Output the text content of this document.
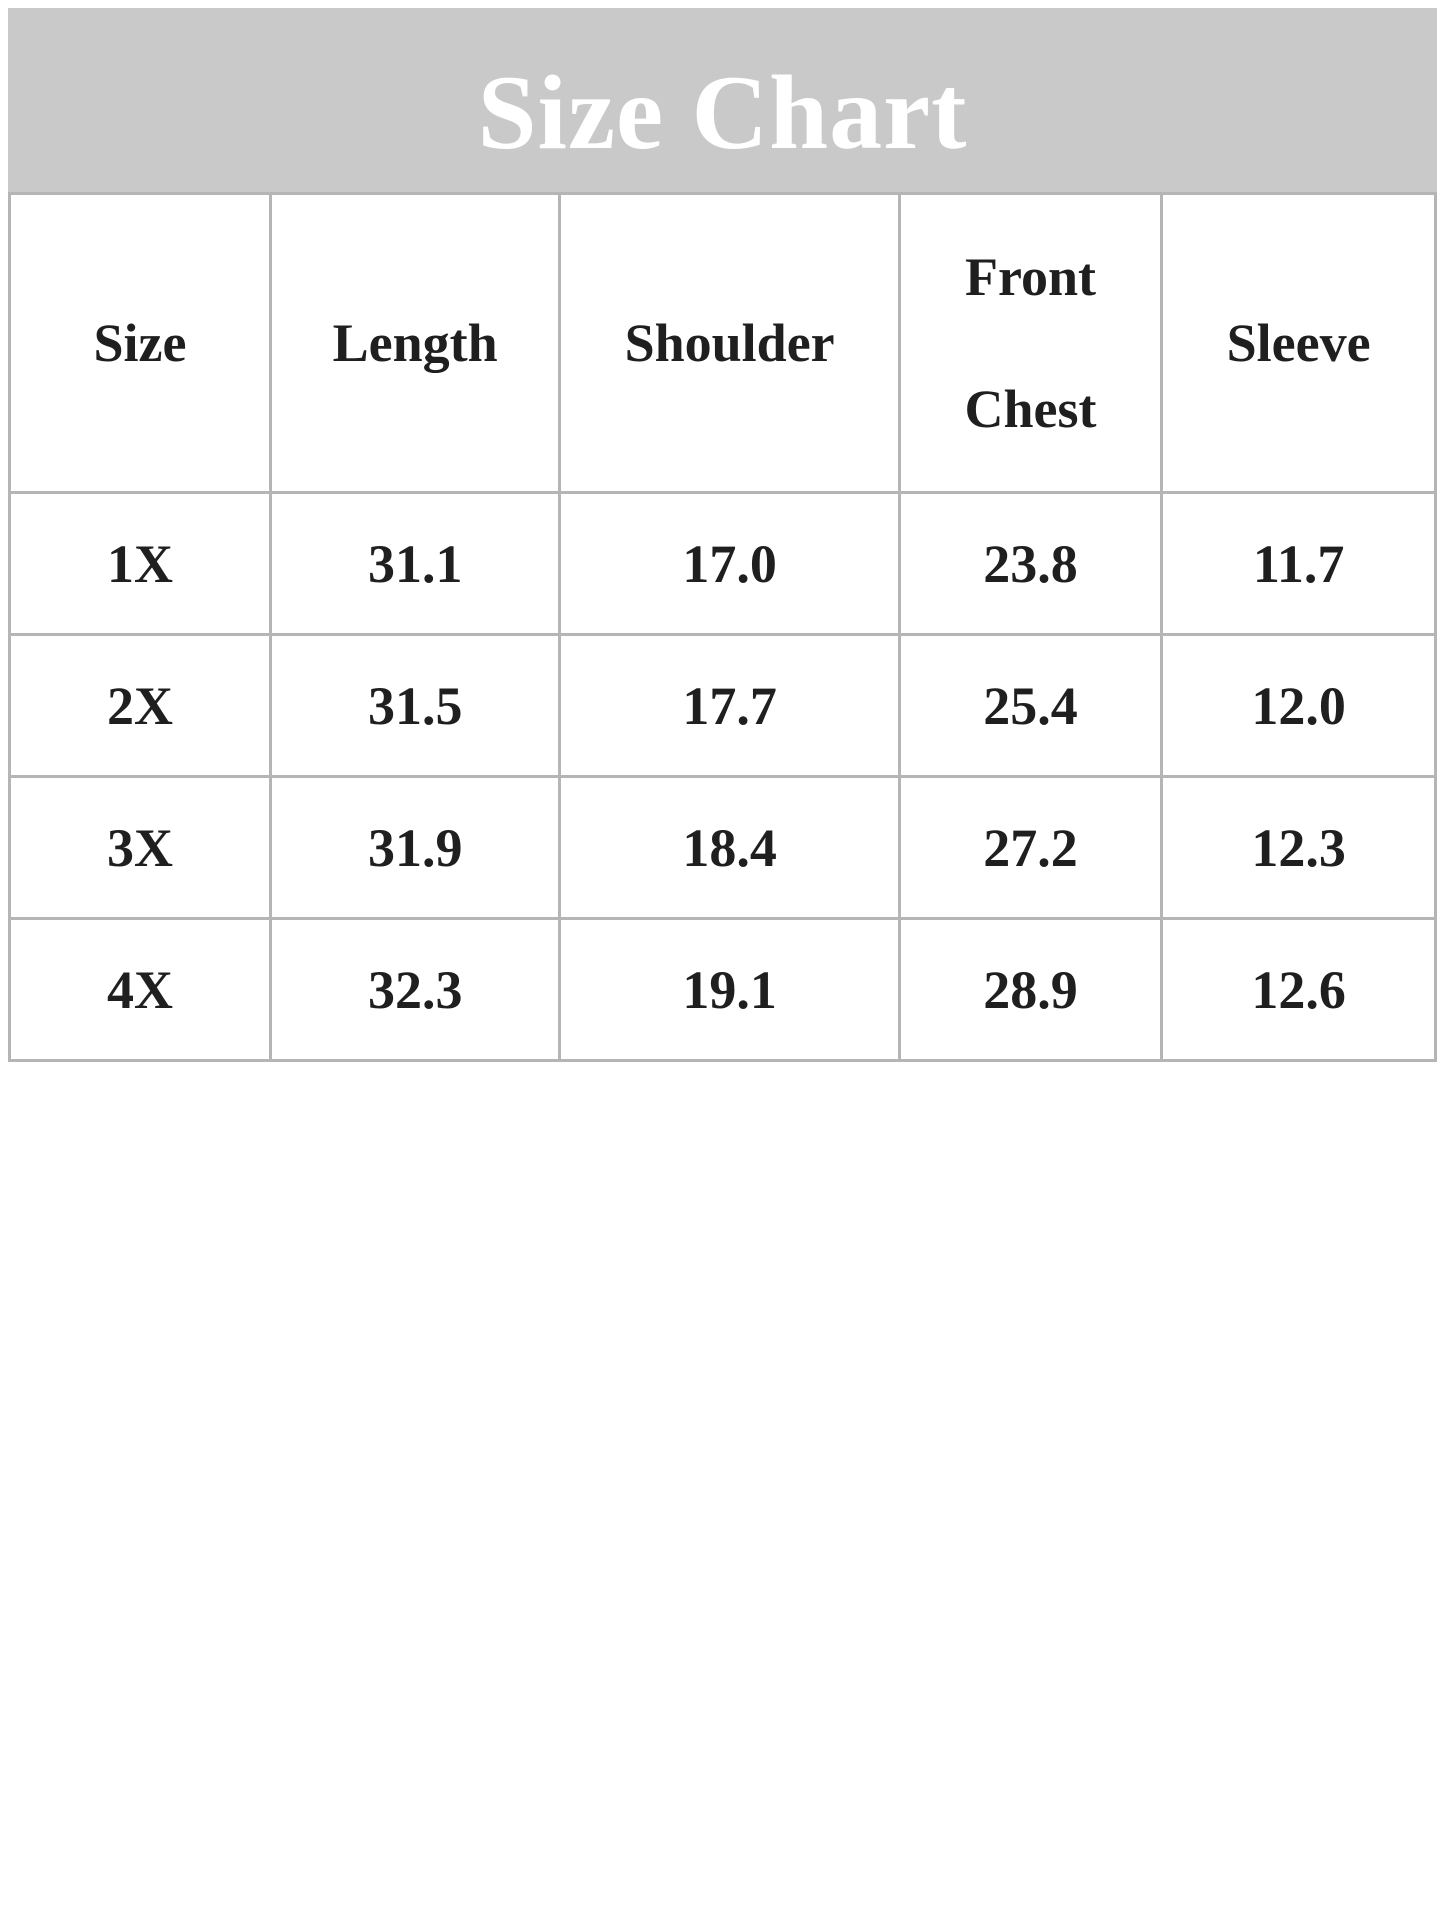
Size Chart
Size	Length	Shoulder	Front Chest	Sleeve
1X	31.1	17.0	23.8	11.7
2X	31.5	17.7	25.4	12.0
3X	31.9	18.4	27.2	12.3
4X	32.3	19.1	28.9	12.6
